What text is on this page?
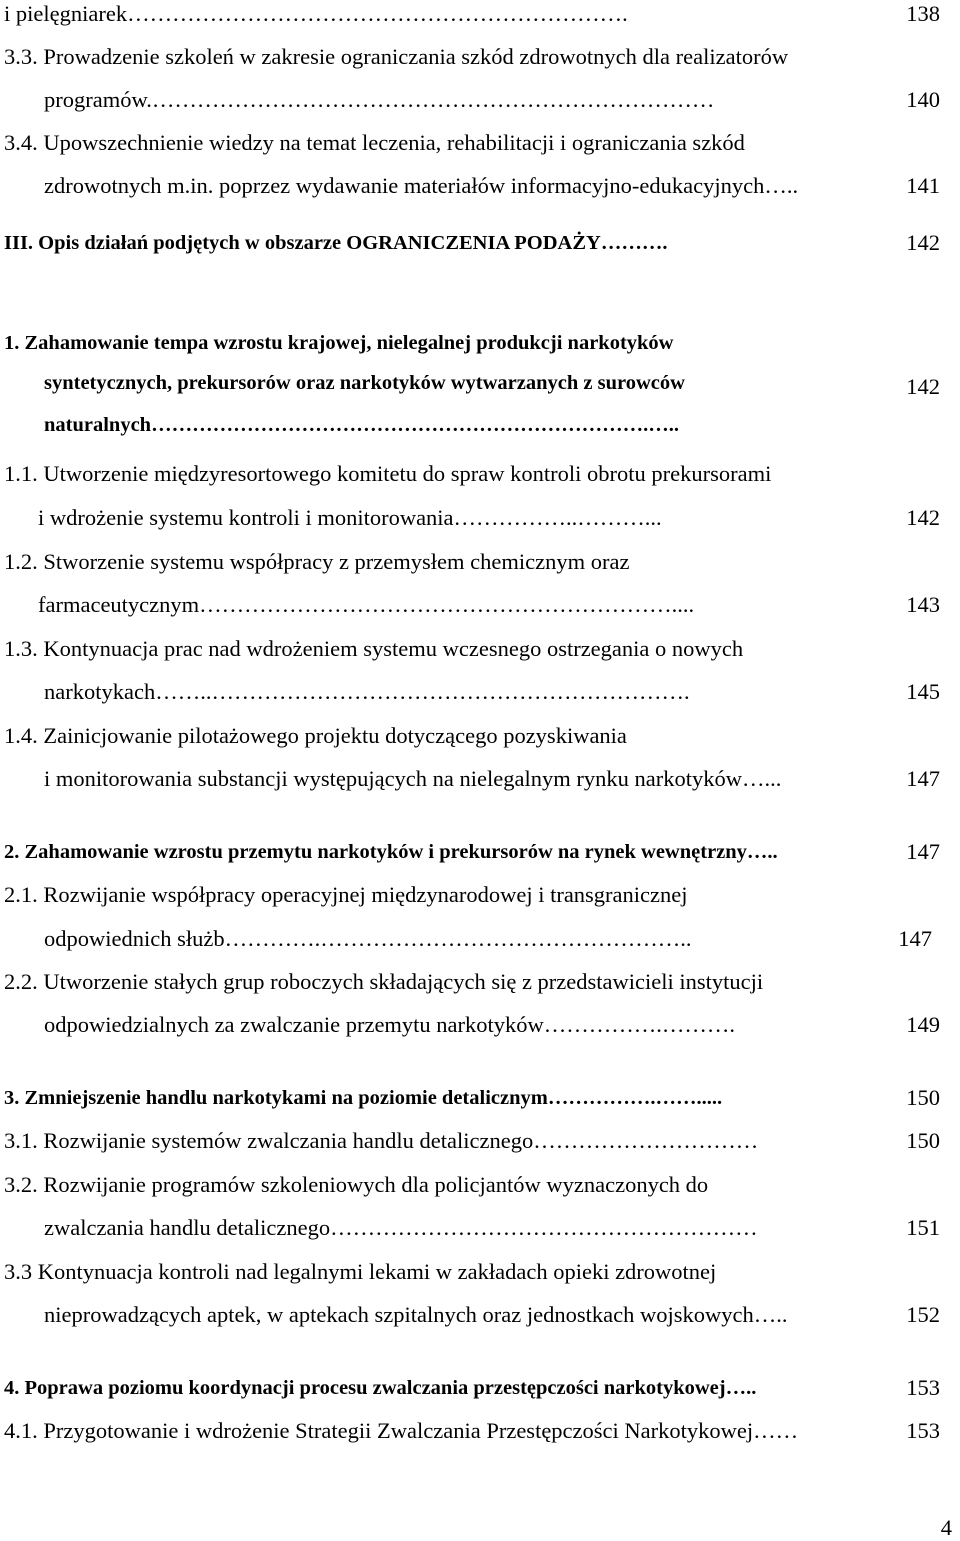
i pielęgniarek………………………………………………………….	138
3.3. Prowadzenie szkoleń w zakresie ograniczania szkód zdrowotnych dla realizatorów
programów.…………………………………………………………………	140
3.4. Upowszechnienie wiedzy na temat leczenia, rehabilitacji i ograniczania szkód
zdrowotnych m.in. poprzez wydawanie materiałów informacyjno-edukacyjnych…..	141
III. Opis działań podjętych w obszarze OGRANICZENIA PODAŻY……….	142
1. Zahamowanie tempa wzrostu krajowej, nielegalnej produkcji narkotyków
syntetycznych, prekursorów oraz narkotyków wytwarzanych z surowców	142
naturalnych……………………………………………………………….…..
1.1. Utworzenie międzyresortowego komitetu do spraw kontroli obrotu prekursorami
i wdrożenie systemu kontroli i monitorowania……………..………...	142
1.2. Stworzenie systemu współpracy z przemysłem chemicznym oraz
farmaceutycznym………………………………………………………....	143
1.3. Kontynuacja prac nad wdrożeniem systemu wczesnego ostrzegania o nowych
narkotykach……..……………………………………………………….	145
1.4. Zainicjowanie pilotażowego projektu dotyczącego pozyskiwania
i monitorowania substancji występujących na nielegalnym rynku narkotyków…...	147
2. Zahamowanie wzrostu przemytu narkotyków i prekursorów na rynek wewnętrzny…..	147
2.1. Rozwijanie współpracy operacyjnej międzynarodowej i transgranicznej
odpowiednich służb………….…………………………………………..	147
2.2. Utworzenie stałych grup roboczych składających się z przedstawicieli instytucji
odpowiedzialnych za zwalczanie przemytu narkotyków…………….……….	149
3. Zmniejszenie handlu narkotykami na poziomie detalicznym…………….…….....	150
3.1. Rozwijanie systemów zwalczania handlu detalicznego…………………………	150
3.2. Rozwijanie programów szkoleniowych dla policjantów wyznaczonych do
zwalczania handlu detalicznego…………………………………………………	151
3.3 Kontynuacja kontroli nad legalnymi lekami w zakładach opieki zdrowotnej
nieprowadzących aptek, w aptekach szpitalnych oraz jednostkach wojskowych…..	152
4. Poprawa poziomu koordynacji procesu zwalczania przestępczości narkotykowej…..	153
4.1. Przygotowanie i wdrożenie Strategii Zwalczania Przestępczości Narkotykowej……	153
4
